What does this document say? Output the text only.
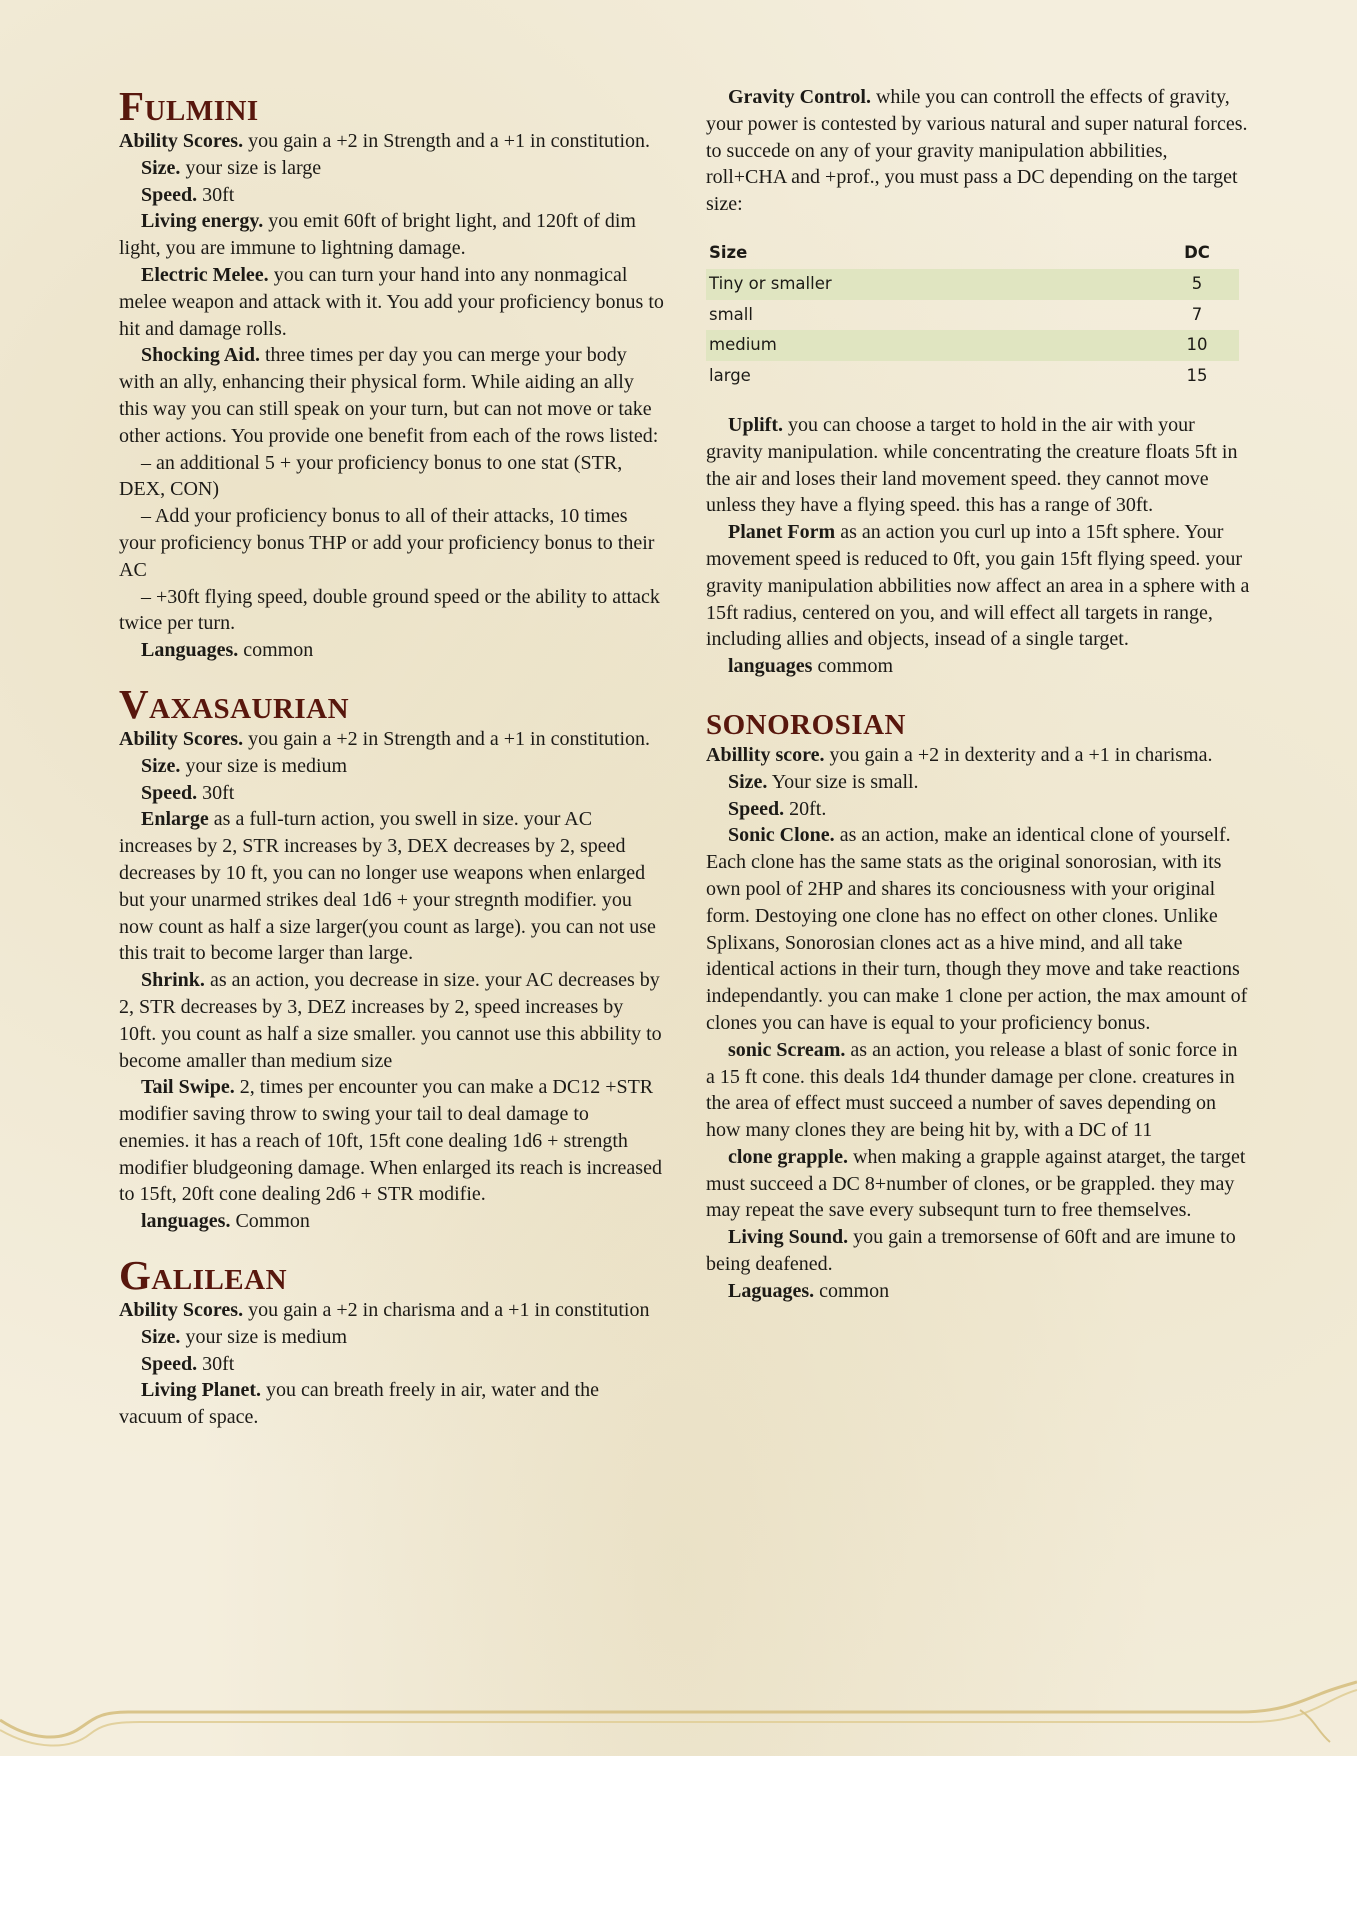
Fulmini

Ability Scores. you gain a +2 in Strength and a +1 in constitution.

Size. your size is large

Speed. 30ft

Living energy. you emit 60ft of bright light, and 120ft of dim light, you are immune to lightning damage.

Electric Melee. you can turn your hand into any nonmagical melee weapon and attack with it. You add your proficiency bonus to hit and damage rolls.

Shocking Aid. three times per day you can merge your body with an ally, enhancing their physical form. While aiding an ally this way you can still speak on your turn, but can not move or take other actions. You provide one benefit from each of the rows listed:

– an additional 5 + your proficiency bonus to one stat (STR, DEX, CON)

– Add your proficiency bonus to all of their attacks, 10 times your proficiency bonus THP or add your proficiency bonus to their AC

– +30ft flying speed, double ground speed or the ability to attack twice per turn.

Languages. common

Vaxasaurian

Ability Scores. you gain a +2 in Strength and a +1 in constitution.

Size. your size is medium

Speed. 30ft

Enlarge as a full-turn action, you swell in size. your AC increases by 2, STR increases by 3, DEX decreases by 2, speed decreases by 10 ft, you can no longer use weapons when enlarged but your unarmed strikes deal 1d6 + your stregnth modifier. you now count as half a size larger(you count as large). you can not use this trait to become larger than large.

Shrink. as an action, you decrease in size. your AC decreases by 2, STR decreases by 3, DEZ increases by 2, speed increases by 10ft. you count as half a size smaller. you cannot use this abbility to become amaller than medium size

Tail Swipe. 2, times per encounter you can make a DC12 +STR modifier saving throw to swing your tail to deal damage to enemies. it has a reach of 10ft, 15ft cone dealing 1d6 + strength modifier bludgeoning damage. When enlarged its reach is increased to 15ft, 20ft cone dealing 2d6 + STR modifie.

languages. Common

Galilean

Ability Scores. you gain a +2 in charisma and a +1 in constitution

Size. your size is medium

Speed. 30ft

Living Planet. you can breath freely in air, water and the vacuum of space.

Gravity Control. while you can controll the effects of gravity, your power is contested by various natural and super natural forces. to succede on any of your gravity manipulation abbilities, roll+CHA and +prof., you must pass a DC depending on the target size:

Size	DC
Tiny or smaller	5
small	7
medium	10
large	15

Uplift. you can choose a target to hold in the air with your gravity manipulation. while concentrating the creature floats 5ft in the air and loses their land movement speed. they cannot move unless they have a flying speed. this has a range of 30ft.

Planet Form as an action you curl up into a 15ft sphere. Your movement speed is reduced to 0ft, you gain 15ft flying speed. your gravity manipulation abbilities now affect an area in a sphere with a 15ft radius, centered on you, and will effect all targets in range, including allies and objects, insead of a single target.

languages commom

sonorosian

Abillity score. you gain a +2 in dexterity and a +1 in charisma.

Size. Your size is small.

Speed. 20ft.

Sonic Clone. as an action, make an identical clone of yourself. Each clone has the same stats as the original sonorosian, with its own pool of 2HP and shares its conciousness with your original form. Destoying one clone has no effect on other clones. Unlike Splixans, Sonorosian clones act as a hive mind, and all take identical actions in their turn, though they move and take reactions independantly. you can make 1 clone per action, the max amount of clones you can have is equal to your proficiency bonus.

sonic Scream. as an action, you release a blast of sonic force in a 15 ft cone. this deals 1d4 thunder damage per clone. creatures in the area of effect must succeed a number of saves depending on how many clones they are being hit by, with a DC of 11

clone grapple. when making a grapple against atarget, the target must succeed a DC 8+number of clones, or be grappled. they may may repeat the save every subsequnt turn to free themselves.

Living Sound. you gain a tremorsense of 60ft and are imune to being deafened.

Laguages. common
